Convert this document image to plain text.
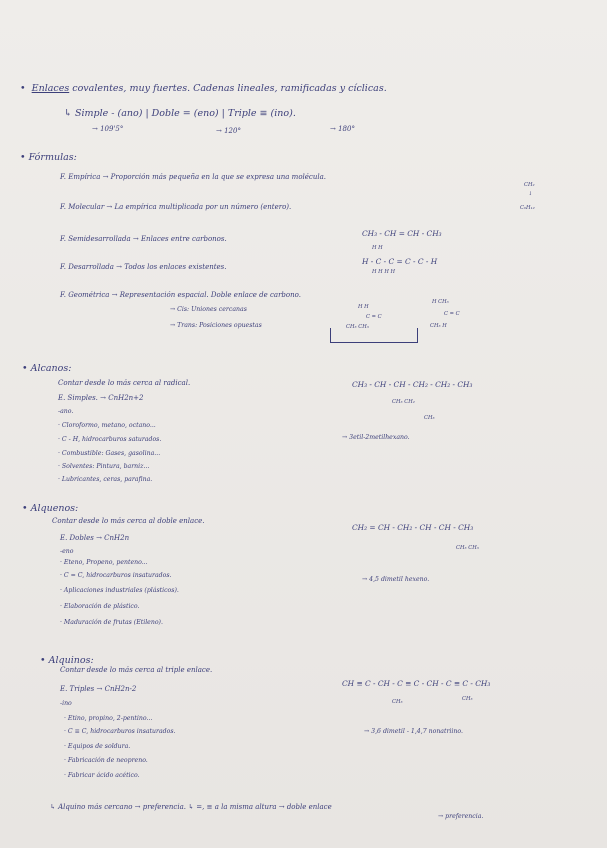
• Enlaces covalentes, muy fuertes. Cadenas lineales, ramificadas y cíclicas.
↳ Simple - (ano) | Doble = (eno) | Triple ≡ (ino).
→ 109'5°	→ 120°	→ 180°
• Fórmulas:
F. Empírica → Proporción más pequeña en la que se expresa una molécula.
CH₂
↓
C₆H₁₂
F. Molecular → La empírica multiplicada por un número (entero).
F. Semidesarrollada → Enlaces entre carbonos.
CH₃ - CH = CH - CH₃
H H
F. Desarrollada → Todos los enlaces existentes.
H - C - C = C - C - H
H H H H
F. Geométrica → Representación espacial. Doble enlace de carbono.
→ Cis: Uniones cercanas
→ Trans: Posiciones opuestas
H H
C = C
CH₃ CH₃
H CH₃
C = C
CH₃ H
• Alcanos:
Contar desde lo más cerca al radical.
E. Simples. → CnH2n+2
-ano.
· Cloroformo, metano, octano...
· C - H, hidrocarburos saturados.
· Combustible: Gases, gasolina...
· Solventes: Pintura, barniz...
· Lubricantes, ceras, parafina.
CH₃ - CH - CH - CH₂ - CH₂ - CH₃
CH₃ CH₂
CH₃
→ 3etil-2metilhexano.
• Alquenos:
Contar desde lo más cerca al doble enlace.
E. Dobles → CnH2n
-eno
· Eteno, Propeno, penteno...
· C = C, hidrocarburos insaturados.
· Aplicaciones industriales (plásticos).
· Elaboración de plástico.
· Maduración de frutas (Etileno).
CH₂ = CH - CH₂ - CH - CH - CH₃
CH₃ CH₃
→ 4,5 dimetil hexeno.
• Alquinos:
Contar desde lo más cerca al triple enlace.
E. Triples → CnH2n-2
-ino
· Etino, propino, 2-pentino...
· C ≡ C, hidrocarburos insaturados.
· Equipos de soldura.
· Fabricación de neopreno.
· Fabricar ácido acético.
CH ≡ C - CH - C ≡ C - CH - C ≡ C - CH₃
CH₃	CH₃
→ 3,6 dimetil - 1,4,7 nonatriino.
↳ Alquino más cercano → preferencia. ↳ =, ≡ a la misma altura → doble enlace
→ preferencia.
